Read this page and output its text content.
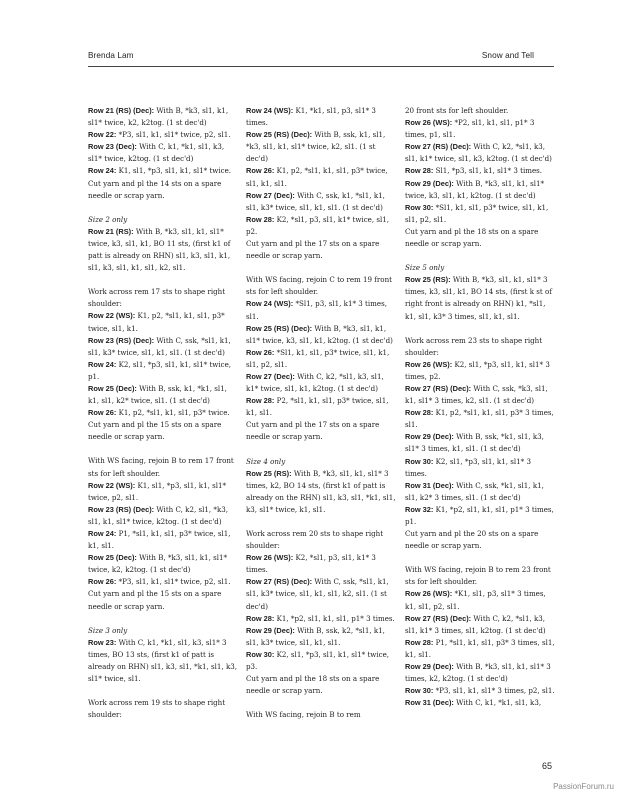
Brenda Lam	Snow and Tell

Row 21 (RS) (Dec): With B, *k3, sl1, k1, sl1* twice, k2, k2tog. (1 st dec'd)

Row 22: *P3, sl1, k1, sl1* twice, p2, sl1.

Row 23 (Dec): With C, k1, *k1, sl1, k3, sl1* twice, k2tog. (1 st dec'd)

Row 24: K1, sl1, *p3, sl1, k1, sl1* twice. Cut yarn and pl the 14 sts on a spare needle or scrap yarn.

Size 2 only

Row 21 (RS): With B, *k3, sl1, k1, sl1* twice, k3, sl1, k1, BO 11 sts, (first k1 of patt is already on RHN) sl1, k3, sl1, k1, sl1, k3, sl1, k1, sl1, k2, sl1.

Work across rem 17 sts to shape right shoulder:

Row 22 (WS): K1, p2, *sl1, k1, sl1, p3* twice, sl1, k1.

Row 23 (RS) (Dec): With C, ssk, *sl1, k1, sl1, k3* twice, sl1, k1, sl1. (1 st dec'd)

Row 24: K2, sl1, *p3, sl1, k1, sl1* twice, p1.

Row 25 (Dec): With B, ssk, k1, *k1, sl1, k1, sl1, k2* twice, sl1. (1 st dec'd)

Row 26: K1, p2, *sl1, k1, sl1, p3* twice. Cut yarn and pl the 15 sts on a spare needle or scrap yarn.

With WS facing, rejoin B to rem 17 front sts for left shoulder.

Row 22 (WS): K1, sl1, *p3, sl1, k1, sl1* twice, p2, sl1.

Row 23 (RS) (Dec): With C, k2, sl1, *k3, sl1, k1, sl1* twice, k2tog. (1 st dec'd)

Row 24: P1, *sl1, k1, sl1, p3* twice, sl1, k1, sl1.

Row 25 (Dec): With B, *k3, sl1, k1, sl1* twice, k2, k2tog. (1 st dec'd)

Row 26: *P3, sl1, k1, sl1* twice, p2, sl1. Cut yarn and pl the 15 sts on a spare needle or scrap yarn.

Size 3 only

Row 23: With C, k1, *k1, sl1, k3, sl1* 3 times, BO 13 sts, (first k1 of patt is already on RHN) sl1, k3, sl1, *k1, sl1, k3, sl1* twice, sl1.

Work across rem 19 sts to shape right shoulder:

Row 24 (WS): K1, *k1, sl1, p3, sl1* 3 times.

Row 25 (RS) (Dec): With B, ssk, k1, sl1, *k3, sl1, k1, sl1* twice, k2, sl1. (1 st dec'd)

Row 26: K1, p2, *sl1, k1, sl1, p3* twice, sl1, k1, sl1.

Row 27 (Dec): With C, ssk, k1, *sl1, k1, sl1, k3* twice, sl1, k1, sl1. (1 st dec'd)

Row 28: K2, *sl1, p3, sl1, k1* twice, sl1, p2.

Cut yarn and pl the 17 sts on a spare needle or scrap yarn.

With WS facing, rejoin C to rem 19 front sts for left shoulder.

Row 24 (WS): *Sl1, p3, sl1, k1* 3 times, sl1.

Row 25 (RS) (Dec): With B, *k3, sl1, k1, sl1* twice, k3, sl1, k1, k2tog. (1 st dec'd)

Row 26: *Sl1, k1, sl1, p3* twice, sl1, k1, sl1, p2, sl1.

Row 27 (Dec): With C, k2, *sl1, k3, sl1, k1* twice, sl1, k1, k2tog. (1 st dec'd)

Row 28: P2, *sl1, k1, sl1, p3* twice, sl1, k1, sl1.

Cut yarn and pl the 17 sts on a spare needle or scrap yarn.

Size 4 only

Row 25 (RS): With B, *k3, sl1, k1, sl1* 3 times, k2, BO 14 sts, (first k1 of patt is already on the RHN) sl1, k3, sl1, *k1, sl1, k3, sl1* twice, k1, sl1.

Work across rem 20 sts to shape right shoulder:

Row 26 (WS): K2, *sl1, p3, sl1, k1* 3 times.

Row 27 (RS) (Dec): With C, ssk, *sl1, k1, sl1, k3* twice, sl1, k1, sl1, k2, sl1. (1 st dec'd)

Row 28: K1, *p2, sl1, k1, sl1, p1* 3 times.

Row 29 (Dec): With B, ssk, k2, *sl1, k1, sl1, k3* twice, sl1, k1, sl1.

Row 30: K2, sl1, *p3, sl1, k1, sl1* twice, p3.

Cut yarn and pl the 18 sts on a spare needle or scrap yarn.

With WS facing, rejoin B to rem

20 front sts for left shoulder.

Row 26 (WS): *P2, sl1, k1, sl1, p1* 3 times, p1, sl1.

Row 27 (RS) (Dec): With C, k2, *sl1, k3, sl1, k1* twice, sl1, k3, k2tog. (1 st dec'd)

Row 28: Sl1, *p3, sl1, k1, sl1* 3 times.

Row 29 (Dec): With B, *k3, sl1, k1, sl1* twice, k3, sl1, k1, k2tog. (1 st dec'd)

Row 30: *Sl1, k1, sl1, p3* twice, sl1, k1, sl1, p2, sl1.

Cut yarn and pl the 18 sts on a spare needle or scrap yarn.

Size 5 only

Row 25 (RS): With B, *k3, sl1, k1, sl1* 3 times, k3, sl1, k1, BO 14 sts, (first k st of right front is already on RHN) k1, *sl1, k1, sl1, k3* 3 times, sl1, k1, sl1.

Work across rem 23 sts to shape right shoulder:

Row 26 (WS): K2, sl1, *p3, sl1, k1, sl1* 3 times, p2.

Row 27 (RS) (Dec): With C, ssk, *k3, sl1, k1, sl1* 3 times, k2, sl1. (1 st dec'd)

Row 28: K1, p2, *sl1, k1, sl1, p3* 3 times, sl1.

Row 29 (Dec): With B, ssk, *k1, sl1, k3, sl1* 3 times, k1, sl1. (1 st dec'd)

Row 30: K2, sl1, *p3, sl1, k1, sl1* 3 times.

Row 31 (Dec): With C, ssk, *k1, sl1, k1, sl1, k2* 3 times, sl1. (1 st dec'd)

Row 32: K1, *p2, sl1, k1, sl1, p1* 3 times, p1.

Cut yarn and pl the 20 sts on a spare needle or scrap yarn.

With WS facing, rejoin B to rem 23 front sts for left shoulder.

Row 26 (WS): *K1, sl1, p3, sl1* 3 times, k1, sl1, p2, sl1.

Row 27 (RS) (Dec): With C, k2, *sl1, k3, sl1, k1* 3 times, sl1, k2tog. (1 st dec'd)

Row 28: P1, *sl1, k1, sl1, p3* 3 times, sl1, k1, sl1.

Row 29 (Dec): With B, *k3, sl1, k1, sl1* 3 times, k2, k2tog. (1 st dec'd)

Row 30: *P3, sl1, k1, sl1* 3 times, p2, sl1.

Row 31 (Dec): With C, k1, *k1, sl1, k3,

65
PassionForum.ru
